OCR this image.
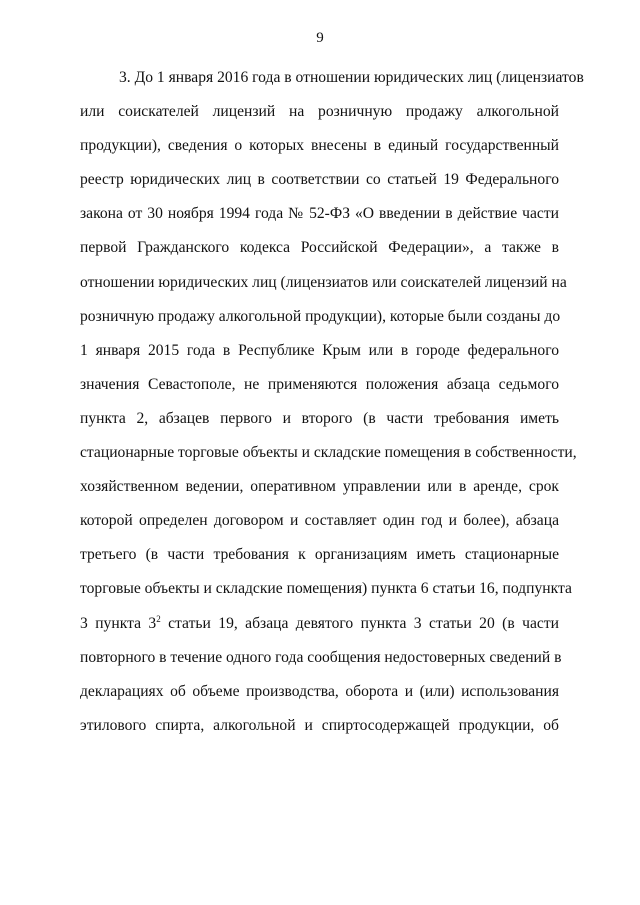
9
3. До 1 января 2016 года в отношении юридических лиц (лицензиатов
или соискателей лицензий на розничную продажу алкогольной
продукции), сведения о которых внесены в единый государственный
реестр юридических лиц в соответствии со статьей 19 Федерального
закона от 30 ноября 1994 года № 52-ФЗ «О введении в действие части
первой Гражданского кодекса Российской Федерации», а также в
отношении юридических лиц (лицензиатов или соискателей лицензий на
розничную продажу алкогольной продукции), которые были созданы до
1 января 2015 года в Республике Крым или в городе федерального
значения Севастополе, не применяются положения абзаца седьмого
пункта 2, абзацев первого и второго (в части требования иметь
стационарные торговые объекты и складские помещения в собственности,
хозяйственном ведении, оперативном управлении или в аренде, срок
которой определен договором и составляет один год и более), абзаца
третьего (в части требования к организациям иметь стационарные
торговые объекты и складские помещения) пункта 6 статьи 16, подпункта
3 пункта $3^2$ статьи 19, абзаца девятого пункта 3 статьи 20 (в части
повторного в течение одного года сообщения недостоверных сведений в
декларациях об объеме производства, оборота и (или) использования
этилового спирта, алкогольной и спиртосодержащей продукции, об
